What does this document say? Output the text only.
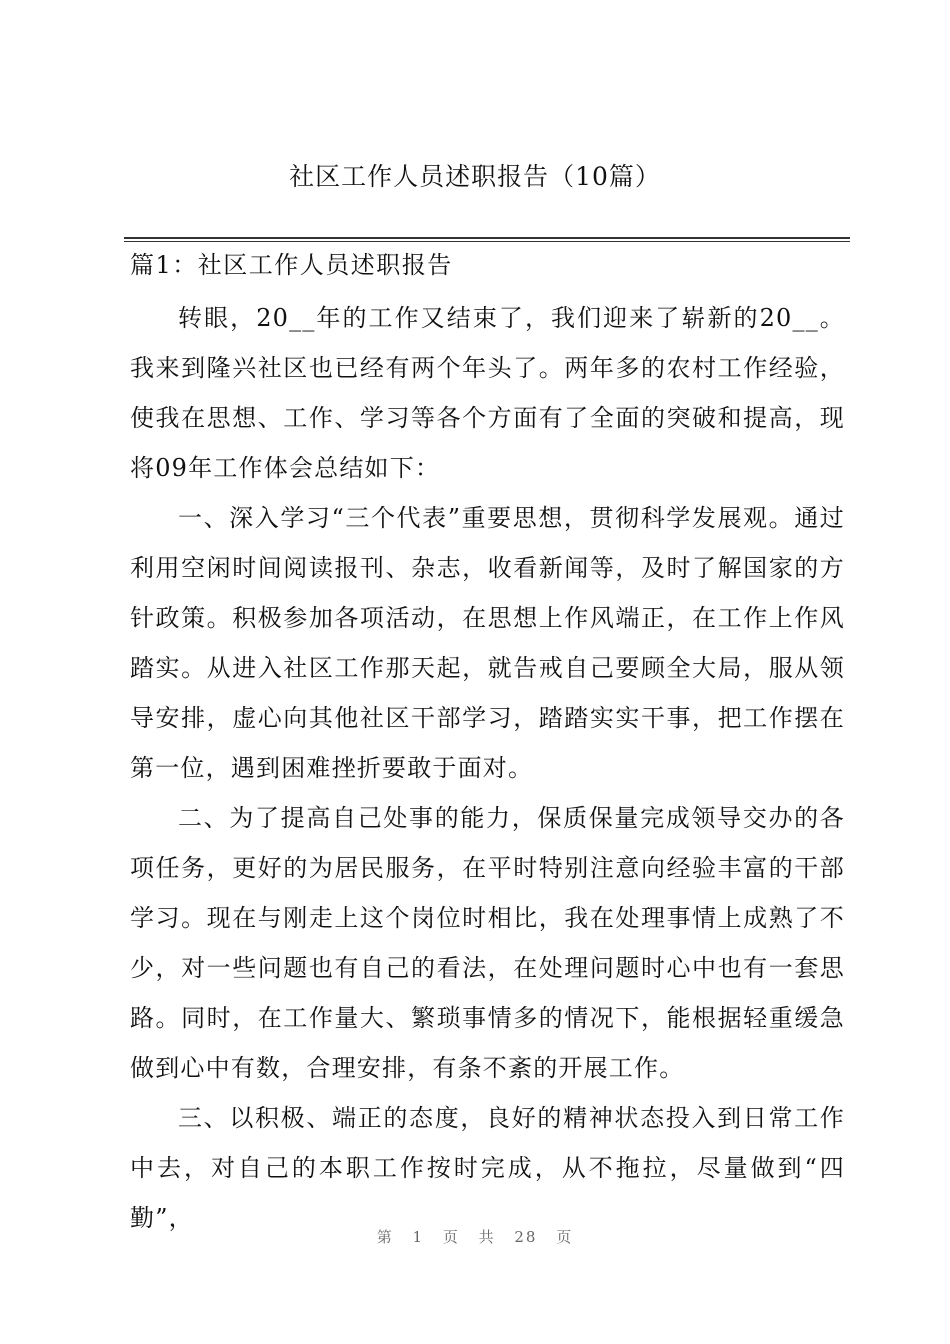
社区工作人员述职报告（10篇）
篇1：社区工作人员述职报告

转眼，20__年的工作又结束了，我们迎来了崭新的20__。我来到隆兴社区也已经有两个年头了。两年多的农村工作经验，使我在思想、工作、学习等各个方面有了全面的突破和提高，现将09年工作体会总结如下：

一、深入学习“三个代表”重要思想，贯彻科学发展观。通过利用空闲时间阅读报刊、杂志，收看新闻等，及时了解国家的方针政策。积极参加各项活动，在思想上作风端正，在工作上作风踏实。从进入社区工作那天起，就告戒自己要顾全大局，服从领导安排，虚心向其他社区干部学习，踏踏实实干事，把工作摆在第一位，遇到困难挫折要敢于面对。

二、为了提高自己处事的能力，保质保量完成领导交办的各项任务，更好的为居民服务，在平时特别注意向经验丰富的干部学习。现在与刚走上这个岗位时相比，我在处理事情上成熟了不少，对一些问题也有自己的看法，在处理问题时心中也有一套思路。同时，在工作量大、繁琐事情多的情况下，能根据轻重缓急做到心中有数，合理安排，有条不紊的开展工作。

三、以积极、端正的态度，良好的精神状态投入到日常工作中去，对自己的本职工作按时完成，从不拖拉，尽量做到“四勤”，

第 1 页 共 28 页
